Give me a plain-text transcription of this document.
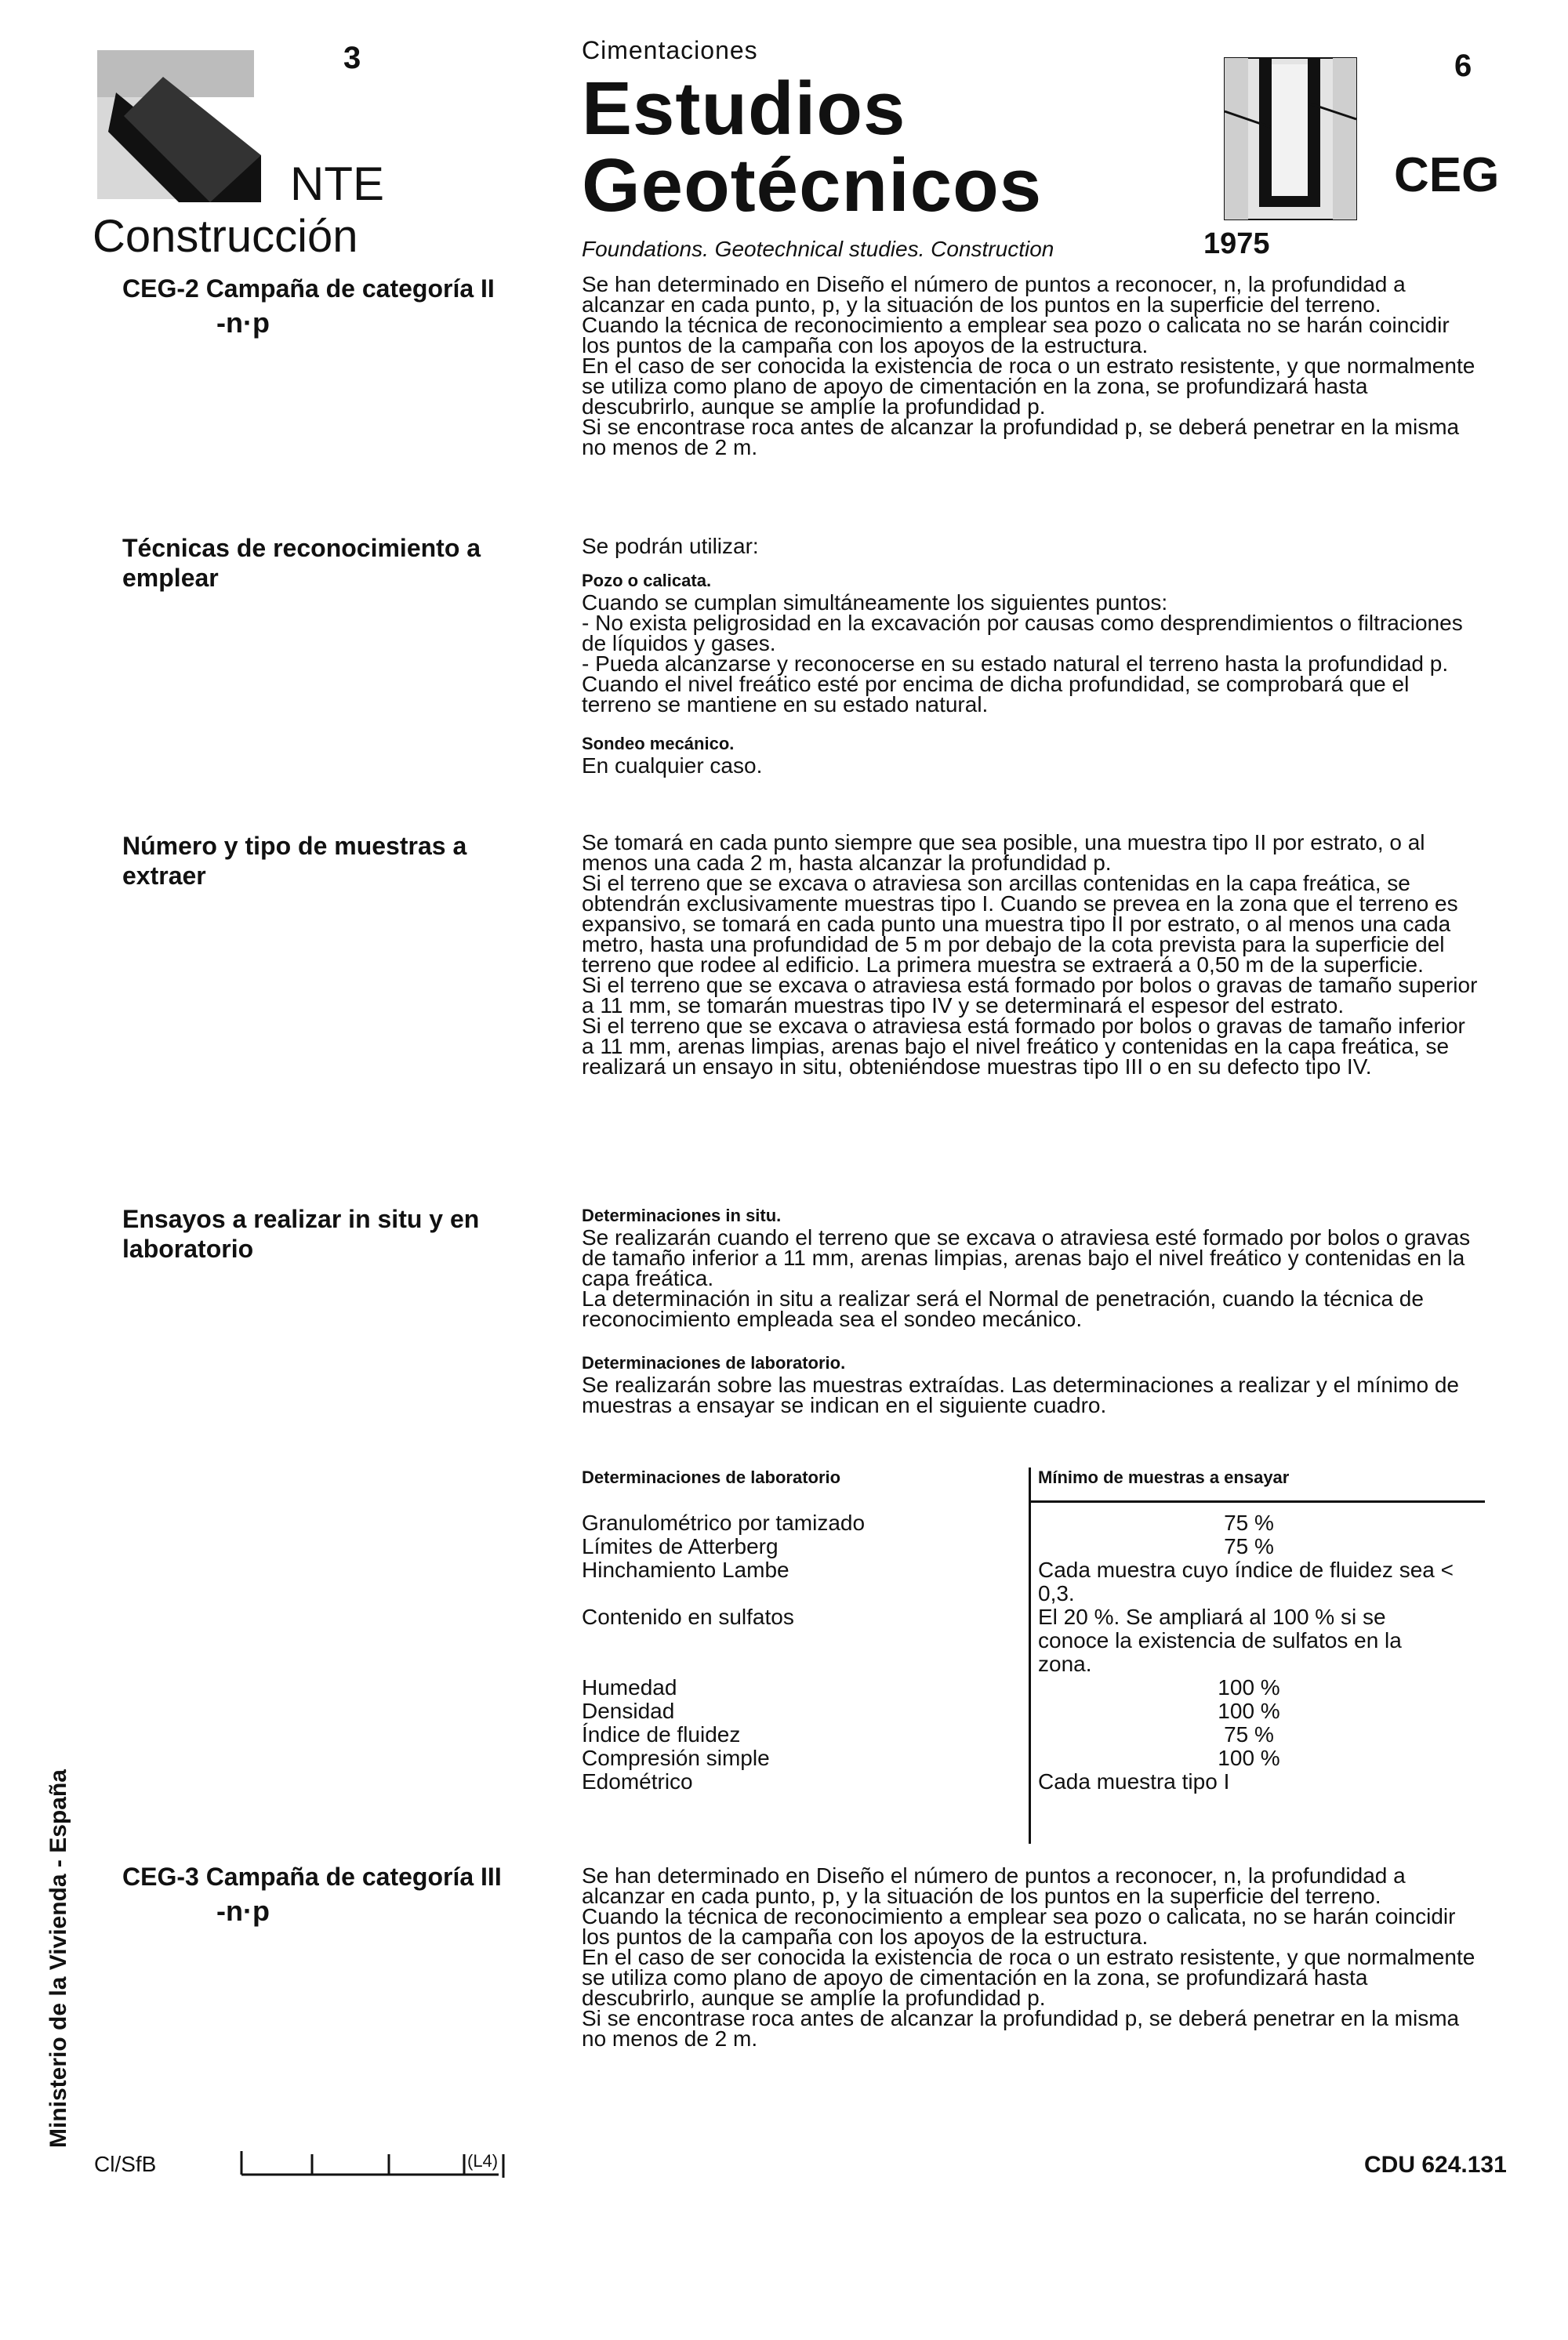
3
NTE
Construcción
Cimentaciones
Estudios
Geotécnicos
6
CEG
Foundations. Geotechnical studies. Construction	1975
CEG-2 Campaña de categoría II
-n·p

Se han determinado en Diseño el número de puntos a reconocer, n, la profundidad a alcanzar en cada punto, p, y la situación de los puntos en la superficie del terreno.

Cuando la técnica de reconocimiento a emplear sea pozo o calicata no se harán coincidir los puntos de la campaña con los apoyos de la estructura.

En el caso de ser conocida la existencia de roca o un estrato resistente, y que normalmente se utiliza como plano de apoyo de cimentación en la zona, se profundizará hasta descubrirlo, aunque se amplíe la profundidad p.

Si se encontrase roca antes de alcanzar la profundidad p, se deberá penetrar en la misma no menos de 2 m.

Técnicas de reconocimiento a emplear

Se podrán utilizar:

Pozo o calicata.

Cuando se cumplan simultáneamente los siguientes puntos:

- No exista peligrosidad en la excavación por causas como desprendimientos o filtraciones de líquidos y gases.

- Pueda alcanzarse y reconocerse en su estado natural el terreno hasta la profundidad p. Cuando el nivel freático esté por encima de dicha profundidad, se comprobará que el terreno se mantiene en su estado natural.

Sondeo mecánico.

En cualquier caso.

Número y tipo de muestras a extraer

Se tomará en cada punto siempre que sea posible, una muestra tipo II por estrato, o al menos una cada 2 m, hasta alcanzar la profundidad p.

Si el terreno que se excava o atraviesa son arcillas contenidas en la capa freática, se obtendrán exclusivamente muestras tipo I. Cuando se prevea en la zona que el terreno es expansivo, se tomará en cada punto una muestra tipo II por estrato, o al menos una cada metro, hasta una profundidad de 5 m por debajo de la cota prevista para la superficie del terreno que rodee al edificio. La primera muestra se extraerá a 0,50 m de la superficie.

Si el terreno que se excava o atraviesa está formado por bolos o gravas de tamaño superior a 11 mm, se tomarán muestras tipo IV y se determinará el espesor del estrato.

Si el terreno que se excava o atraviesa está formado por bolos o gravas de tamaño inferior a 11 mm, arenas limpias, arenas bajo el nivel freático y contenidas en la capa freática, se realizará un ensayo in situ, obteniéndose muestras tipo III o en su defecto tipo IV.

Ensayos a realizar in situ y en laboratorio
Determinaciones in situ.

Se realizarán cuando el terreno que se excava o atraviesa esté formado por bolos o gravas de tamaño inferior a 11 mm, arenas limpias, arenas bajo el nivel freático y contenidas en la capa freática.

La determinación in situ a realizar será el Normal de penetración, cuando la técnica de reconocimiento empleada sea el sondeo mecánico.

Determinaciones de laboratorio.

Se realizarán sobre las muestras extraídas. Las determinaciones a realizar y el mínimo de muestras a ensayar se indican en el siguiente cuadro.

Determinaciones de laboratorio	Mínimo de muestras a ensayar
Granulométrico por tamizado	75 %
Límites de Atterberg	75 %
Hinchamiento Lambe	Cada muestra cuyo índice de fluidez sea < 0,3.
Contenido en sulfatos	El 20 %. Se ampliará al 100 % si se conoce la existencia de sulfatos en la zona.
Humedad	100 %
Densidad	100 %
Índice de fluidez	75 %
Compresión simple	100 %
Edométrico	Cada muestra tipo I
CEG-3 Campaña de categoría III
-n·p

Se han determinado en Diseño el número de puntos a reconocer, n, la profundidad a alcanzar en cada punto, p, y la situación de los puntos en la superficie del terreno.

Cuando la técnica de reconocimiento a emplear sea pozo o calicata, no se harán coincidir los puntos de la campaña con los apoyos de la estructura.

En el caso de ser conocida la existencia de roca o un estrato resistente, y que normalmente se utiliza como plano de apoyo de cimentación en la zona, se profundizará hasta descubrirlo, aunque se amplíe la profundidad p.

Si se encontrase roca antes de alcanzar la profundidad p, se deberá penetrar en la misma no menos de 2 m.

Ministerio de la Vivienda - España
Cl/SfB	(L4)	CDU 624.131
